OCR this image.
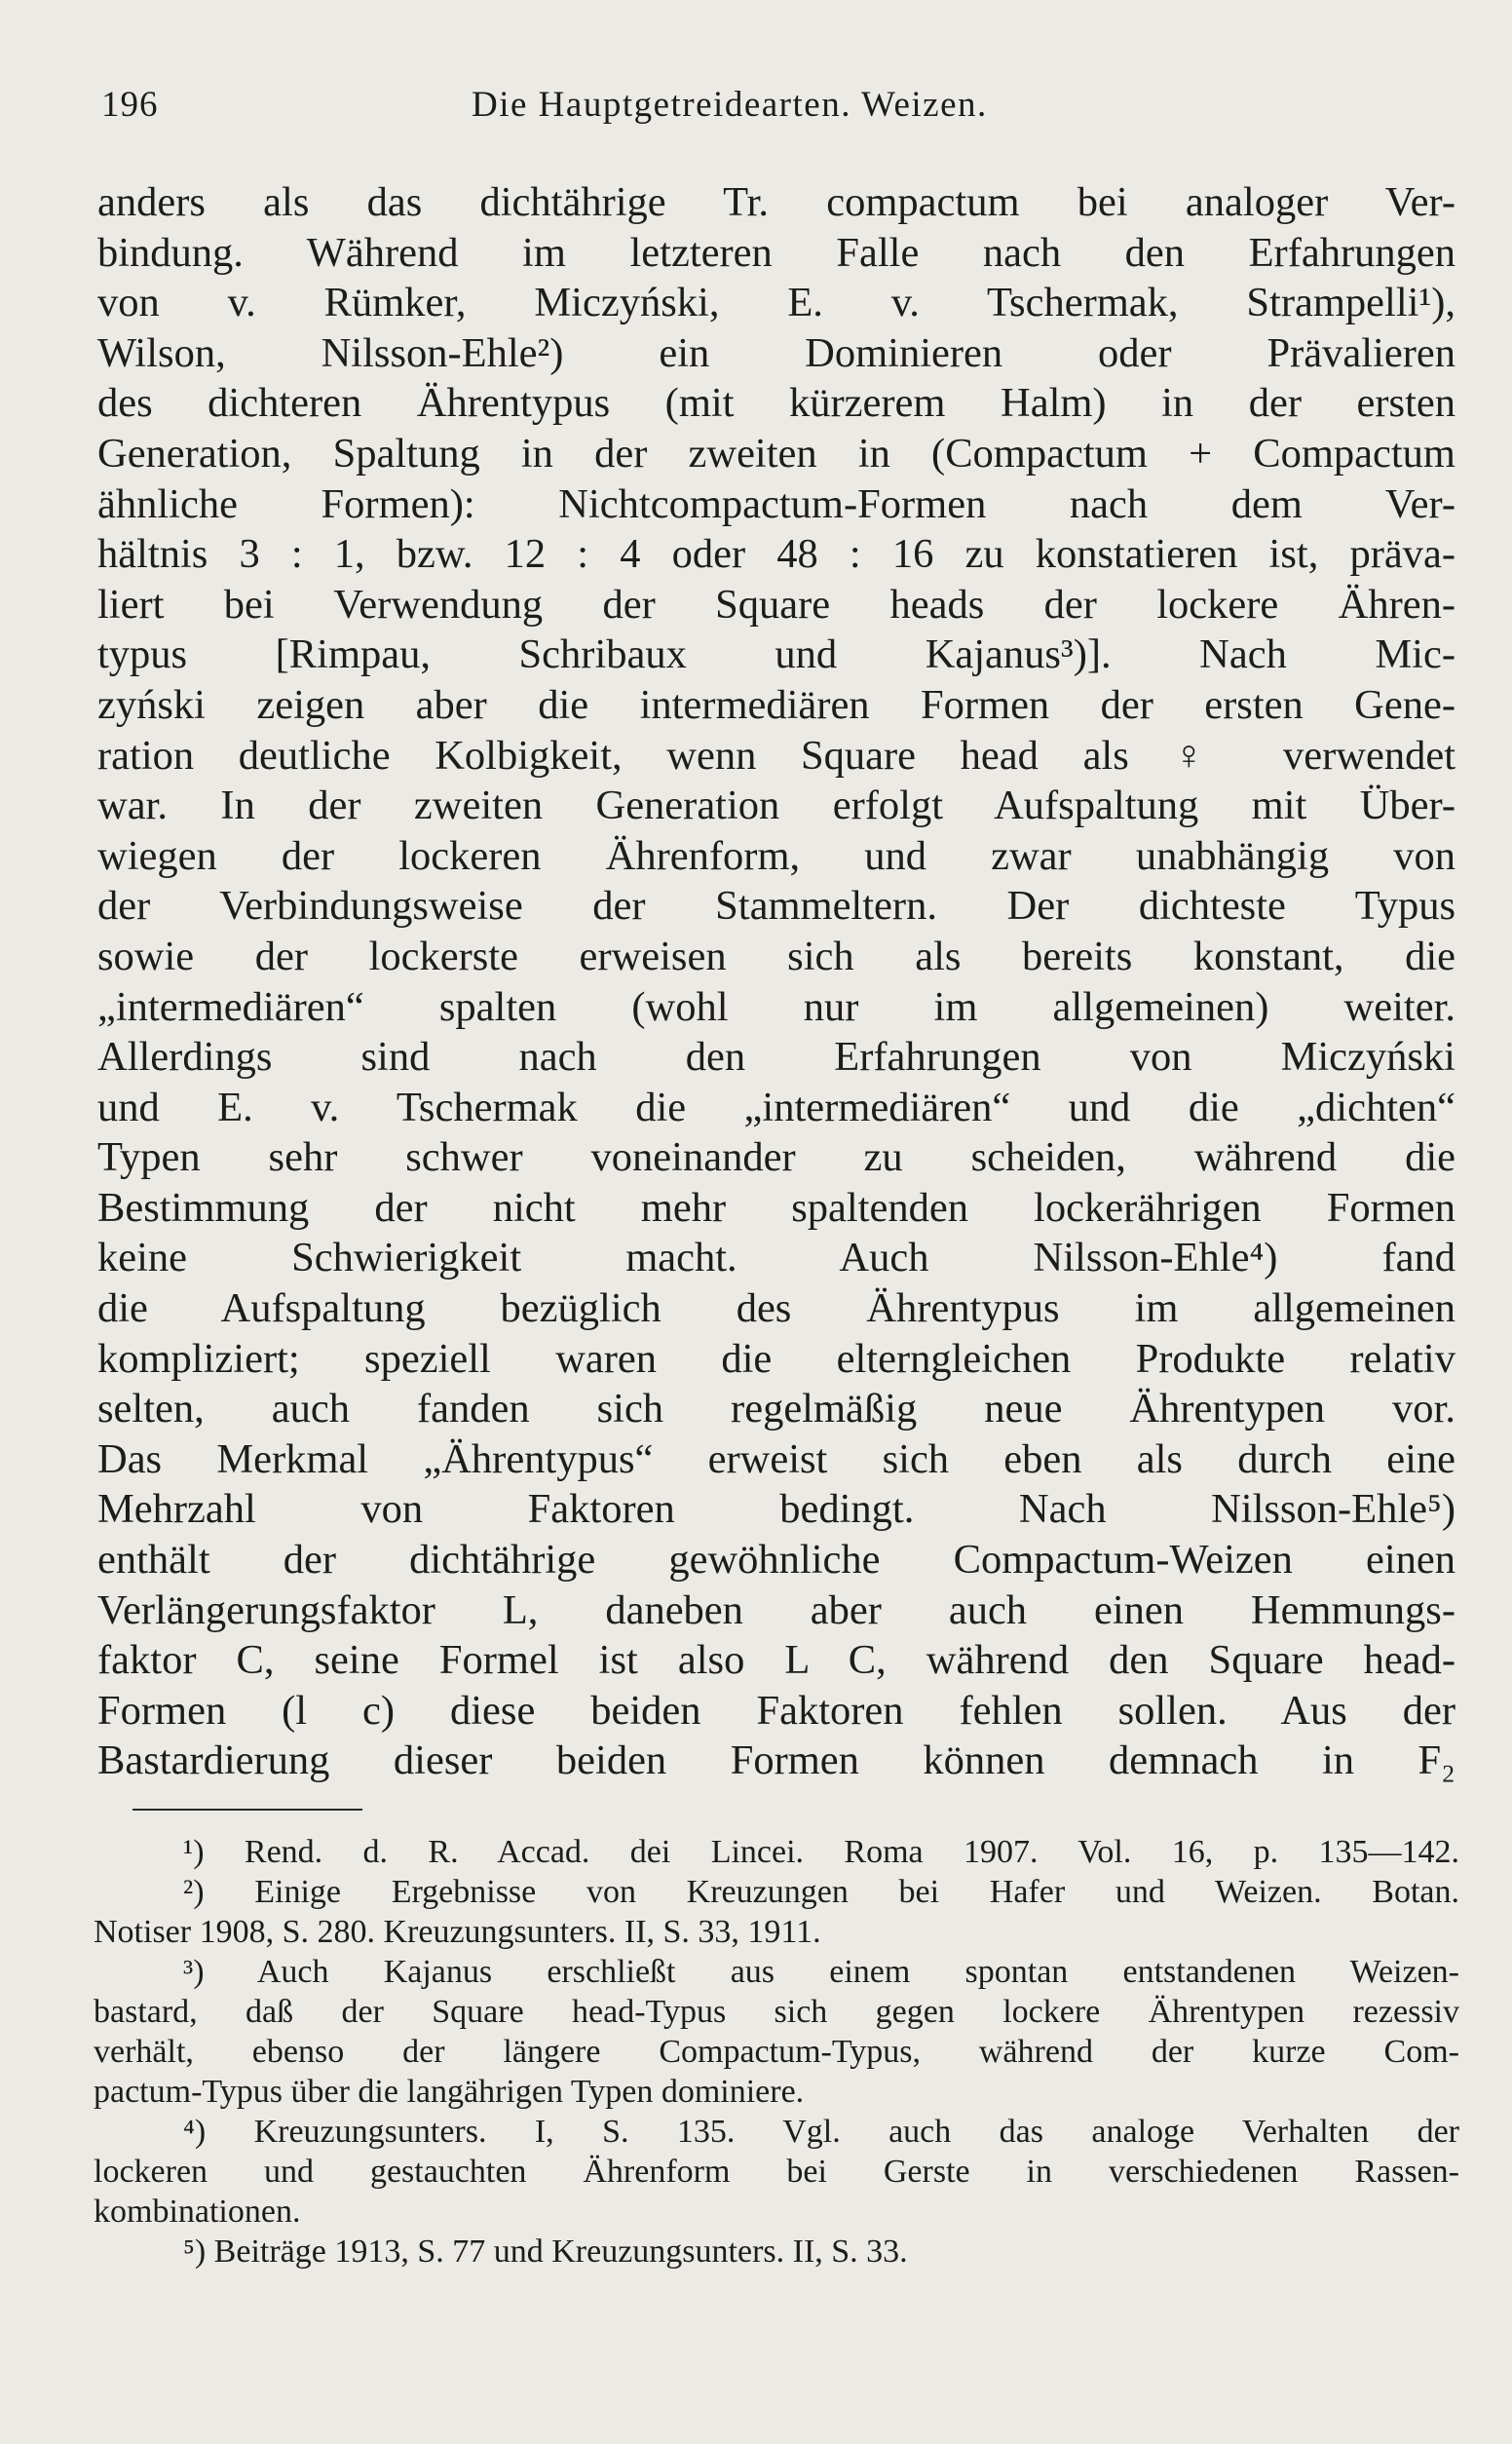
196	Die Hauptgetreidearten. Weizen.
anders als das dichtährige Tr. compactum bei analoger Ver-
bindung. Während im letzteren Falle nach den Erfahrungen
von v. Rümker, Miczyński, E. v. Tschermak, Strampelli¹),
Wilson, Nilsson-Ehle²) ein Dominieren oder Prävalieren
des dichteren Ährentypus (mit kürzerem Halm) in der ersten
Generation, Spaltung in der zweiten in (Compactum + Compactum
ähnliche Formen): Nichtcompactum-Formen nach dem Ver-
hältnis 3 : 1, bzw. 12 : 4 oder 48 : 16 zu konstatieren ist, präva-
liert bei Verwendung der Square heads der lockere Ähren-
typus [Rimpau, Schribaux und Kajanus³)]. Nach Mic-
zyński zeigen aber die intermediären Formen der ersten Gene-
ration deutliche Kolbigkeit, wenn Square head als ♀ verwendet
war. In der zweiten Generation erfolgt Aufspaltung mit Über-
wiegen der lockeren Ährenform, und zwar unabhängig von
der Verbindungsweise der Stammeltern. Der dichteste Typus
sowie der lockerste erweisen sich als bereits konstant, die
„intermediären“ spalten (wohl nur im allgemeinen) weiter.
Allerdings sind nach den Erfahrungen von Miczyński
und E. v. Tschermak die „intermediären“ und die „dichten“
Typen sehr schwer voneinander zu scheiden, während die
Bestimmung der nicht mehr spaltenden lockerährigen Formen
keine Schwierigkeit macht. Auch Nilsson-Ehle⁴) fand
die Aufspaltung bezüglich des Ährentypus im allgemeinen
kompliziert; speziell waren die elterngleichen Produkte relativ
selten, auch fanden sich regelmäßig neue Ährentypen vor.
Das Merkmal „Ährentypus“ erweist sich eben als durch eine
Mehrzahl von Faktoren bedingt. Nach Nilsson-Ehle⁵)
enthält der dichtährige gewöhnliche Compactum-Weizen einen
Verlängerungsfaktor L, daneben aber auch einen Hemmungs-
faktor C, seine Formel ist also L C, während den Square head-
Formen (l c) diese beiden Faktoren fehlen sollen. Aus der
Bastardierung dieser beiden Formen können demnach in F₂
¹) Rend. d. R. Accad. dei Lincei. Roma 1907. Vol. 16, p. 135—142.
²) Einige Ergebnisse von Kreuzungen bei Hafer und Weizen. Botan.
Notiser 1908, S. 280. Kreuzungsunters. II, S. 33, 1911.
³) Auch Kajanus erschließt aus einem spontan entstandenen Weizen-
bastard, daß der Square head-Typus sich gegen lockere Ährentypen rezessiv
verhält, ebenso der längere Compactum-Typus, während der kurze Com-
pactum-Typus über die langährigen Typen dominiere.
⁴) Kreuzungsunters. I, S. 135. Vgl. auch das analoge Verhalten der
lockeren und gestauchten Ährenform bei Gerste in verschiedenen Rassen-
kombinationen.
⁵) Beiträge 1913, S. 77 und Kreuzungsunters. II, S. 33.
